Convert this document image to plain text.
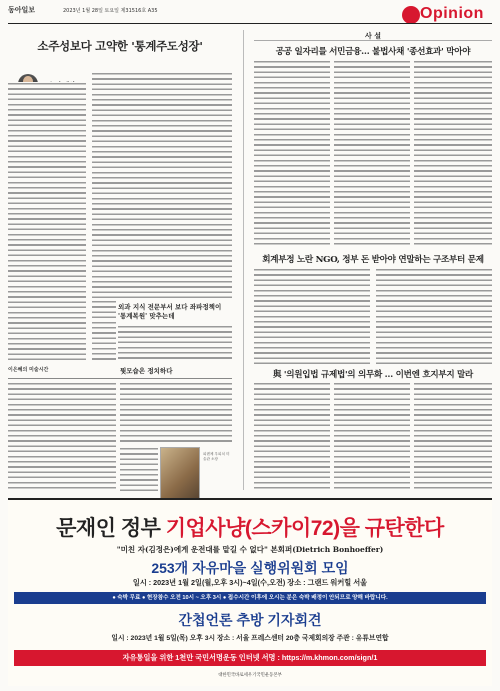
동아일보	2023년 1월 28일 토요일 제31516호 A35	Opinion
소주성보다 고약한 '통계주도성장'
외과 지식 전문부서 보다 좌파정책이 '통계복원' 맞추는데
이은혜의 미술시간	뭣모습은 정치하다
피렌체 우피치 미술관 소장
사 설
공공 일자리를 서민금융… 불법사채 '종선효과' 막아야
회계부정 노란 NGO, 정부 돈 받아야 연말하는 구조부터 문제
與 '의원입법 규제법'의 의무화 … 이번엔 흐지부지 말라
문재인 정부 기업사냥(스카이72)을 규탄한다
"미친 자(김정은)에게 운전대를 맡길 수 없다" 본회퍼(Dietrich Bonhoeffer)
253개 자유마을 실행위원회 모임
일시 : 2023년 1월 2일(월,오후 3시)~4일(수,오전) 장소 : 그랜드 워커힐 서울
● 숙박 무료 ● 현장참수 오전 10시 ~ 오후 3시 ● 접수시간 이후에 오시는 분은 숙박 배정이 안되므로 양해 바랍니다.
간첩언론 추방 기자회견
일시 : 2023년 1월 5일(목) 오후 3시 장소 : 서울 프레스센터 20층 국제회의장 주관 : 유튜브연합
자유통일을 위한 1천만 국민서명운동 인터넷 서명 : https://m.khmon.com/sign/1
대한민국바로세우기국민운동본부
